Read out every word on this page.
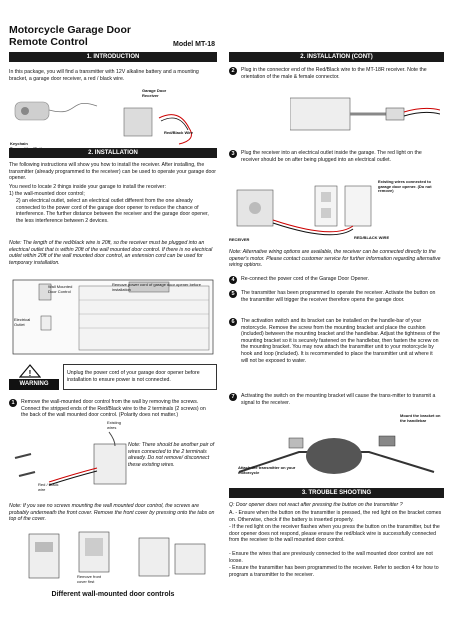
Motorcycle Garage Door
Remote Control	Model MT-18
1. INTRODUCTION
In this package, you will find a transmitter with 12V alkaline battery and a mounting bracket, a garage door receiver, a red / black wire.
Keychain
Garage Door Receiver
Red/Black Wire
2. INSTALLATION
The following instructions will show you how to install the receiver. After installing, the transmitter (already programmed to the receiver) can be used to operate your garage door opener.
You need to locate 2 things inside your garage to install the receiver:
1) the wall-mounted door control;
2) an electrical outlet, select an electrical outlet different from the one already connected to the power cord of the garage door opener to reduce the chance of interference. The further distance between the receiver and the garage door opener, the less interference between 2 devices.
Note: The length of the red/black wire is 20ft, so the receiver must be plugged into an electrical outlet that is within 20ft of the wall mounted door control. If there is no electrical outlet within 20ft of the wall mounted door control, an extension cord can be used for temporary installation.
Wall Mounted Door Control
Remove power cord of garage door opener before installation
Electrical Outlet
!
WARNING
Unplug the power cord of your garage door opener before installation to ensure power is not connected.
1	Remove the wall-mounted door control from the wall by removing the screws. Connect the stripped ends of the Red/Black wire to the 2 terminals (2 screws) on the back of the wall mounted door control. (Polarity does not matter.)
Existing wires
Red / Black wire
Note: There should be another pair of wires connected to the 2 terminals already. Do not remove/ disconnect these existing wires.
Note: If you see no screws mounting the wall mounted door control, the screws are probably underneath the front cover. Remove the front cover by pressing onto the tabs on top of the cover.
Remove front cover first
Different wall-mounted door controls
2. INSTALLATION (CONT)
2	Plug in the connector end of the Red/Black wire to the MT-18R receiver. Note the orientation of the male & female connector.
3	Plug the receiver into an electrical outlet inside the garage. The red light on the receiver should be on after being plugged into an electrical outlet.
Existing wires connected to garage door opener. (Do not remove)
RECEIVER	RED/BLACK WIRE
Note: Alternative wiring options are available, the receiver can be connected directly to the opener's motor. Please contact customer service for further information regarding alternative wiring options.
4	Re-connect the power cord of the Garage Door Opener.
5	The transmitter has been programmed to operate the receiver. Activate the button on the transmitter will trigger the receiver therefore opens the garage door.
6	The activation switch and its bracket can be installed on the handle-bar of your motorcycle. Remove the screw from the mounting bracket and place the cushion (included) between the mounting bracket and the handlebar. Adjust the tightness of the mounting bracket so it is securely fastened on the handlebar, then fasten the screw on the mounting bracket. You may now attach the transmitter unit to your motorcycle by hook and loop (included). It is recommended to place the transmitter unit at where it will not be exposed to water.
7	Activating the switch on the mounting bracket will cause the trans-mitter to transmit a signal to the receiver.
Mount the bracket on the handlebar
Attach the transmitter on your motorcycle
3. TROUBLE SHOOTING
Q: Door opener does not react after pressing the button on the transmitter ?
A. - Ensure when the button on the transmitter is pressed, the red light on the bracket comes on. Otherwise, check if the battery is inserted properly.
- If the red light on the receiver flashes when you press the button on the transmitter, but the door opener does not respond, please ensure the red/black wire is successfully connected from the receiver to the wall mounted door control.
- Ensure the wires that are previously connected to the wall mounted door control are not loose.
- Ensure the transmitter has been programmed to the receiver. Refer to section 4 for how to program a transmitter to the receiver.
